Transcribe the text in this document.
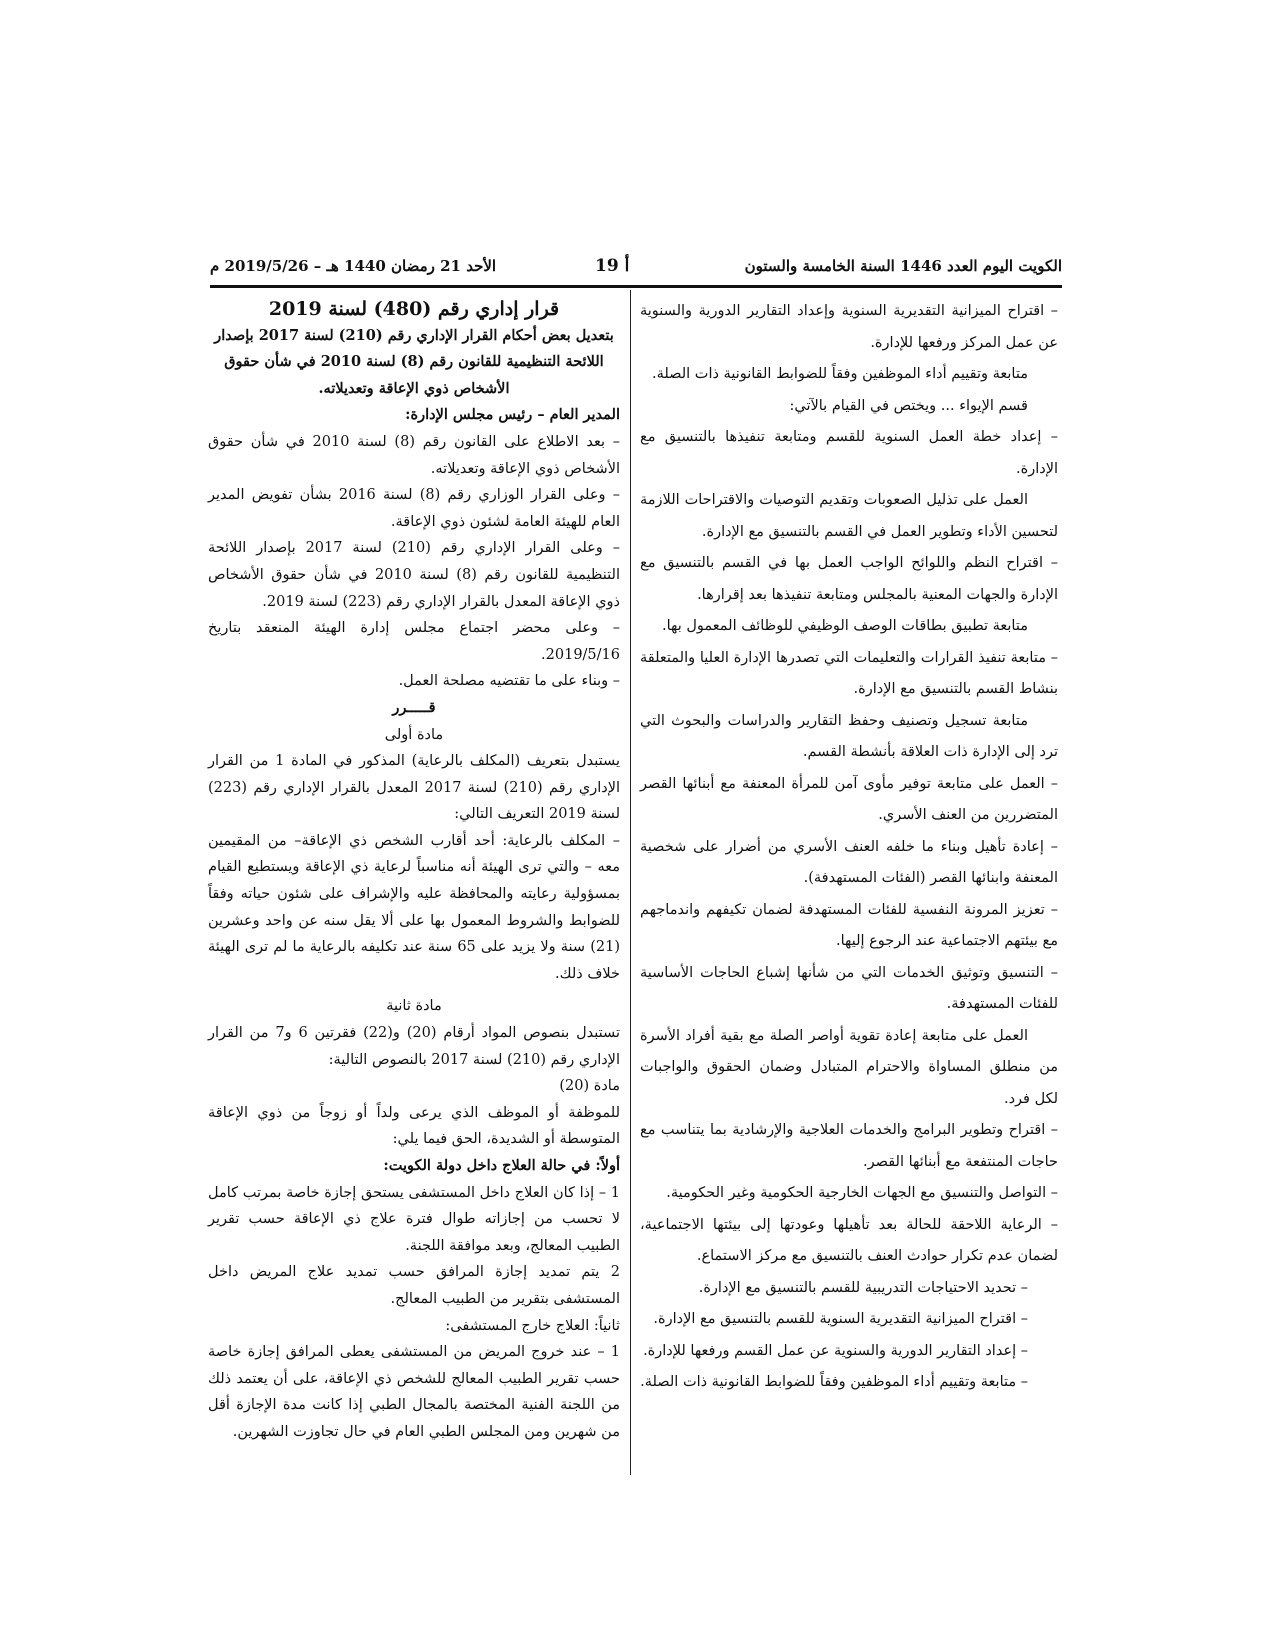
الكويت اليوم العدد 1446 السنة الخامسة والستون
أ 19
الأحد 21 رمضان 1440 هـ – 2019/5/26 م

– اقتراح الميزانية التقديرية السنوية وإعداد التقارير الدورية والسنوية عن عمل المركز ورفعها للإدارة.

متابعة وتقييم أداء الموظفين وفقاً للضوابط القانونية ذات الصلة.

قسم الإيواء ... ويختص في القيام بالآتي:

– إعداد خطة العمل السنوية للقسم ومتابعة تنفيذها بالتنسيق مع الإدارة.

العمل على تذليل الصعوبات وتقديم التوصيات والاقتراحات اللازمة لتحسين الأداء وتطوير العمل في القسم بالتنسيق مع الإدارة.

– اقتراح النظم واللوائح الواجب العمل بها في القسم بالتنسيق مع الإدارة والجهات المعنية بالمجلس ومتابعة تنفيذها بعد إقرارها.

متابعة تطبيق بطاقات الوصف الوظيفي للوظائف المعمول بها.

– متابعة تنفيذ القرارات والتعليمات التي تصدرها الإدارة العليا والمتعلقة بنشاط القسم بالتنسيق مع الإدارة.

متابعة تسجيل وتصنيف وحفظ التقارير والدراسات والبحوث التي ترد إلى الإدارة ذات العلاقة بأنشطة القسم.

– العمل على متابعة توفير مأوى آمن للمرأة المعنفة مع أبنائها القصر المتضررين من العنف الأسري.

– إعادة تأهيل وبناء ما خلفه العنف الأسري من أضرار على شخصية المعنفة وابنائها القصر (الفئات المستهدفة).

– تعزيز المرونة النفسية للفئات المستهدفة لضمان تكيفهم واندماجهم مع بيئتهم الاجتماعية عند الرجوع إليها.

– التنسيق وتوثيق الخدمات التي من شأنها إشباع الحاجات الأساسية للفئات المستهدفة.

العمل على متابعة إعادة تقوية أواصر الصلة مع بقية أفراد الأسرة من منطلق المساواة والاحترام المتبادل وضمان الحقوق والواجبات لكل فرد.

– اقتراح وتطوير البرامج والخدمات العلاجية والإرشادية بما يتناسب مع حاجات المنتفعة مع أبنائها القصر.

– التواصل والتنسيق مع الجهات الخارجية الحكومية وغير الحكومية.

– الرعاية اللاحقة للحالة بعد تأهيلها وعودتها إلى بيئتها الاجتماعية، لضمان عدم تكرار حوادث العنف بالتنسيق مع مركز الاستماع.

– تحديد الاحتياجات التدريبية للقسم بالتنسيق مع الإدارة.

– اقتراح الميزانية التقديرية السنوية للقسم بالتنسيق مع الإدارة.

– إعداد التقارير الدورية والسنوية عن عمل القسم ورفعها للإدارة.

– متابعة وتقييم أداء الموظفين وفقاً للضوابط القانونية ذات الصلة.

قرار إداري رقم (480) لسنة 2019

بتعديل بعض أحكام القرار الإداري رقم (210) لسنة 2017 بإصدار اللائحة التنظيمية للقانون رقم (8) لسنة 2010 في شأن حقوق الأشخاص ذوي الإعاقة وتعديلاته.

المدير العام – رئيس مجلس الإدارة:

– بعد الاطلاع على القانون رقم (8) لسنة 2010 في شأن حقوق الأشخاص ذوي الإعاقة وتعديلاته.

– وعلى القرار الوزاري رقم (8) لسنة 2016 بشأن تفويض المدير العام للهيئة العامة لشئون ذوي الإعاقة.

– وعلى القرار الإداري رقم (210) لسنة 2017 بإصدار اللائحة التنظيمية للقانون رقم (8) لسنة 2010 في شأن حقوق الأشخاص ذوي الإعاقة المعدل بالقرار الإداري رقم (223) لسنة 2019.

– وعلى محضر اجتماع مجلس إدارة الهيئة المنعقد بتاريخ 2019/5/16.

– وبناء على ما تقتضيه مصلحة العمل.

قـــــرر

مادة أولى

يستبدل بتعريف (المكلف بالرعاية) المذكور في المادة 1 من القرار الإداري رقم (210) لسنة 2017 المعدل بالقرار الإداري رقم (223) لسنة 2019 التعريف التالي:

– المكلف بالرعاية: أحد أقارب الشخص ذي الإعاقة– من المقيمين معه – والتي ترى الهيئة أنه مناسباً لرعاية ذي الإعاقة ويستطيع القيام بمسؤولية رعايته والمحافظة عليه والإشراف على شئون حياته وفقاً للضوابط والشروط المعمول بها على ألا يقل سنه عن واحد وعشرين (21) سنة ولا يزيد على 65 سنة عند تكليفه بالرعاية ما لم ترى الهيئة خلاف ذلك.

مادة ثانية

تستبدل بنصوص المواد أرقام (20) و(22) فقرتين 6 و7 من القرار الإداري رقم (210) لسنة 2017 بالنصوص التالية:

مادة (20)

للموظفة أو الموظف الذي يرعى ولداً أو زوجاً من ذوي الإعاقة المتوسطة أو الشديدة، الحق فيما يلي:

أولاً: في حالة العلاج داخل دولة الكويت:

1 – إذا كان العلاج داخل المستشفى يستحق إجازة خاصة بمرتب كامل لا تحسب من إجازاته طوال فترة علاج ذي الإعاقة حسب تقرير الطبيب المعالج، وبعد موافقة اللجنة.

2 يتم تمديد إجازة المرافق حسب تمديد علاج المريض داخل المستشفى بتقرير من الطبيب المعالج.

ثانياً: العلاج خارج المستشفى:

1 – عند خروج المريض من المستشفى يعطى المرافق إجازة خاصة حسب تقرير الطبيب المعالج للشخص ذي الإعاقة، على أن يعتمد ذلك من اللجنة الفنية المختصة بالمجال الطبي إذا كانت مدة الإجازة أقل من شهرين ومن المجلس الطبي العام في حال تجاوزت الشهرين.
